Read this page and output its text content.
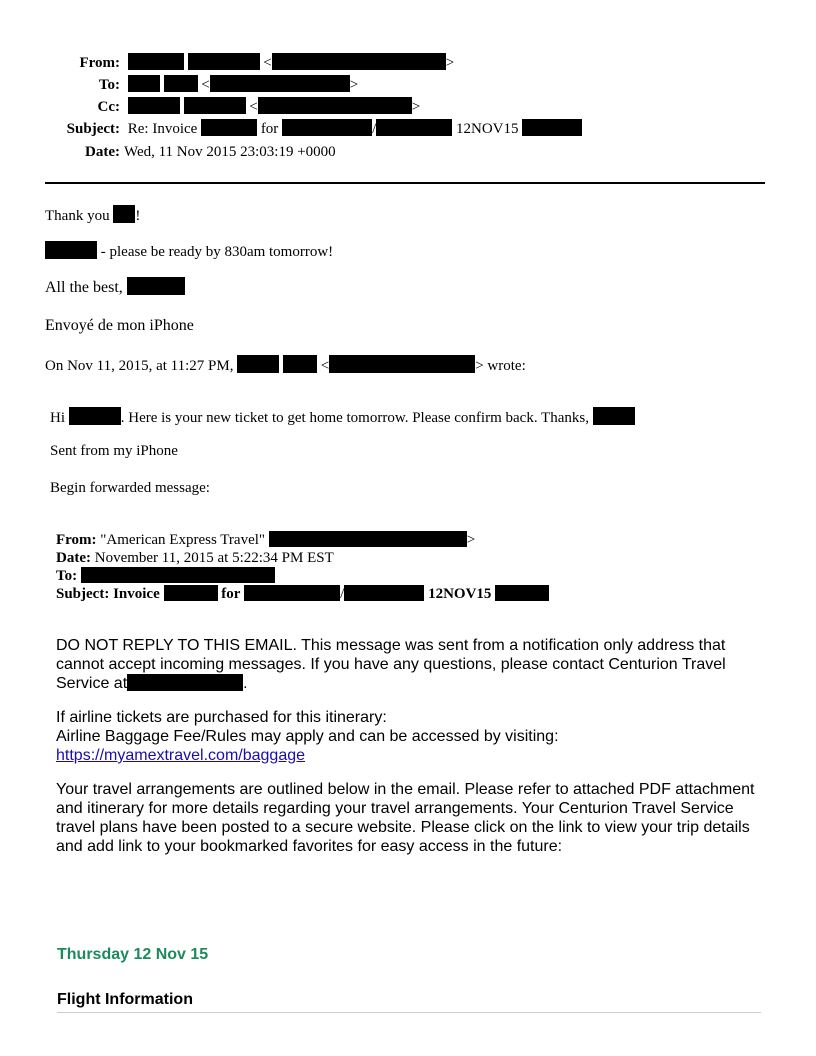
From:	<	>
To:	<	>
Cc:	<	>
Subject: Re: Invoice	for	/	12NOV15
Date: Wed, 11 Nov 2015 23:03:19 +0000
Thank you !
- please be ready by 830am tomorrow!
All the best,
Envoyé de mon iPhone
On Nov 11, 2015, at 11:27 PM,	<	> wrote:
Hi	. Here is your new ticket to get home tomorrow. Please confirm back. Thanks,
Sent from my iPhone
Begin forwarded message:
From: "American Express Travel"	>
Date: November 11, 2015 at 5:22:34 PM EST
To:
Subject: Invoice	for	/	12NOV15
DO NOT REPLY TO THIS EMAIL. This message was sent from a notification only address that cannot accept incoming messages. If you have any questions, please contact Centurion Travel Service at	.
If airline tickets are purchased for this itinerary:
Airline Baggage Fee/Rules may apply and can be accessed by visiting:
https://myamextravel.com/baggage
Your travel arrangements are outlined below in the email. Please refer to attached PDF attachment and itinerary for more details regarding your travel arrangements. Your Centurion Travel Service travel plans have been posted to a secure website. Please click on the link to view your trip details and add link to your bookmarked favorites for easy access in the future:
Thursday 12 Nov 15
Flight Information
